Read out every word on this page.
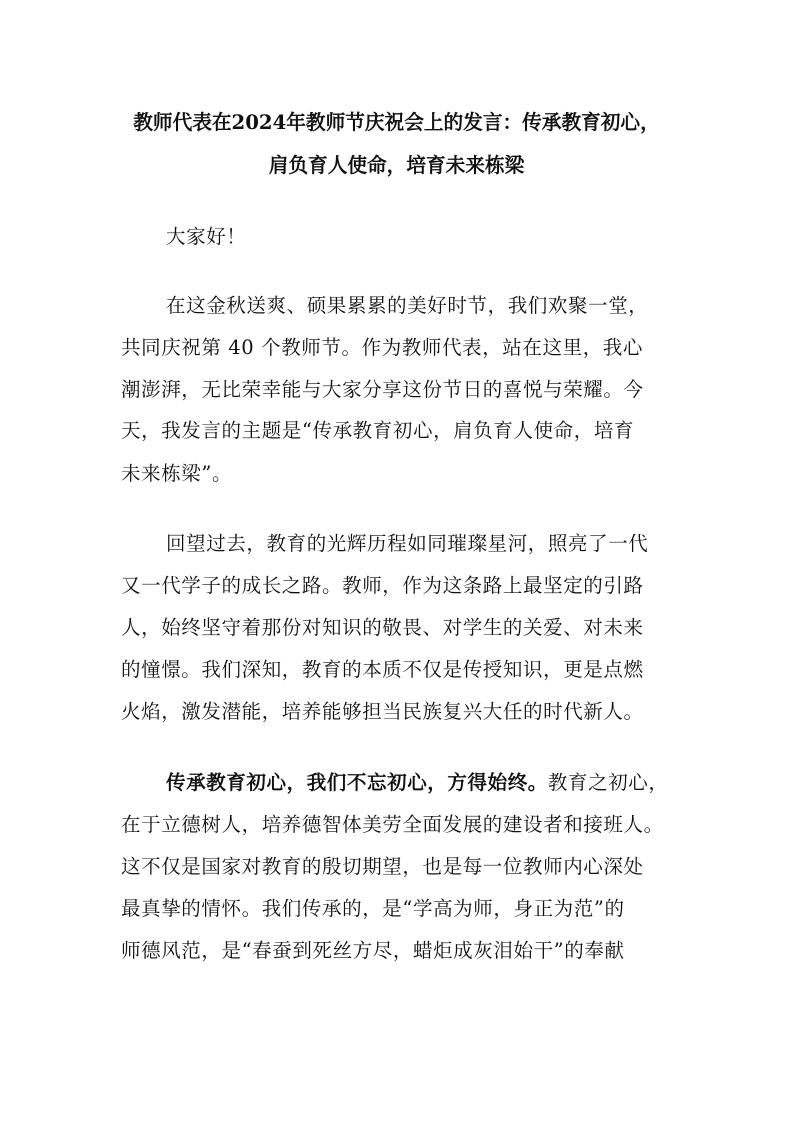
教师代表在2024年教师节庆祝会上的发言：传承教育初心，
肩负育人使命，培育未来栋梁
大家好！
在这金秋送爽、硕果累累的美好时节，我们欢聚一堂，
共同庆祝第 40 个教师节。作为教师代表，站在这里，我心
潮澎湃，无比荣幸能与大家分享这份节日的喜悦与荣耀。今
天，我发言的主题是“传承教育初心，肩负育人使命，培育
未来栋梁”。
回望过去，教育的光辉历程如同璀璨星河，照亮了一代
又一代学子的成长之路。教师，作为这条路上最坚定的引路
人，始终坚守着那份对知识的敬畏、对学生的关爱、对未来
的憧憬。我们深知，教育的本质不仅是传授知识，更是点燃
火焰，激发潜能，培养能够担当民族复兴大任的时代新人。
传承教育初心，我们不忘初心，方得始终。教育之初心，
在于立德树人，培养德智体美劳全面发展的建设者和接班人。
这不仅是国家对教育的殷切期望，也是每一位教师内心深处
最真挚的情怀。我们传承的，是“学高为师，身正为范”的
师德风范，是“春蚕到死丝方尽，蜡炬成灰泪始干”的奉献
